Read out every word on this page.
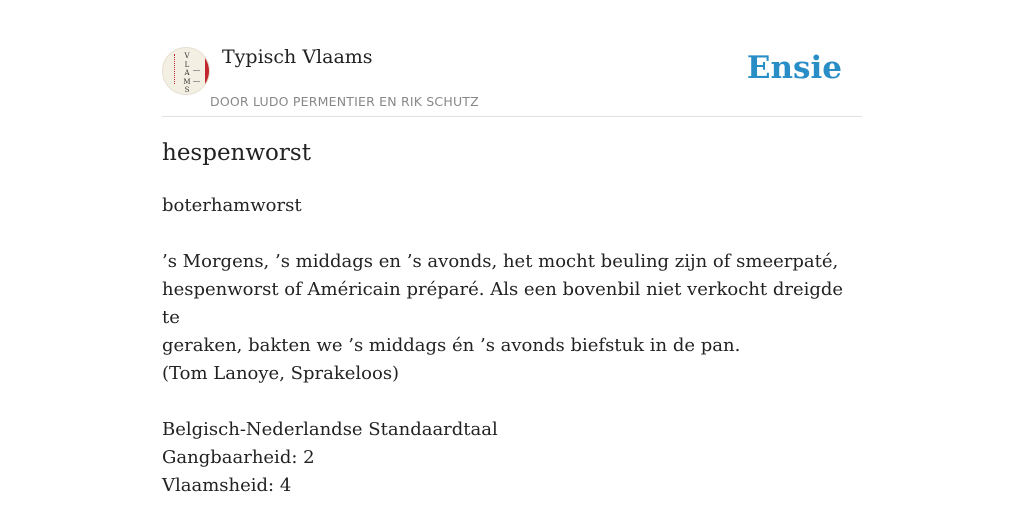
V
L
A
M
S
Typisch Vlaams
DOOR LUDO PERMENTIER EN RIK SCHUTZ
Ensie
hespenworst

boterhamworst

’s Morgens, ’s middags en ’s avonds, het mocht beuling zijn of smeerpaté,

hespenworst of Américain préparé. Als een bovenbil niet verkocht dreigde te

geraken, bakten we ’s middags én ’s avonds biefstuk in de pan.

(Tom Lanoye, Sprakeloos)

Belgisch-Nederlandse Standaardtaal

Gangbaarheid: 2

Vlaamsheid: 4
